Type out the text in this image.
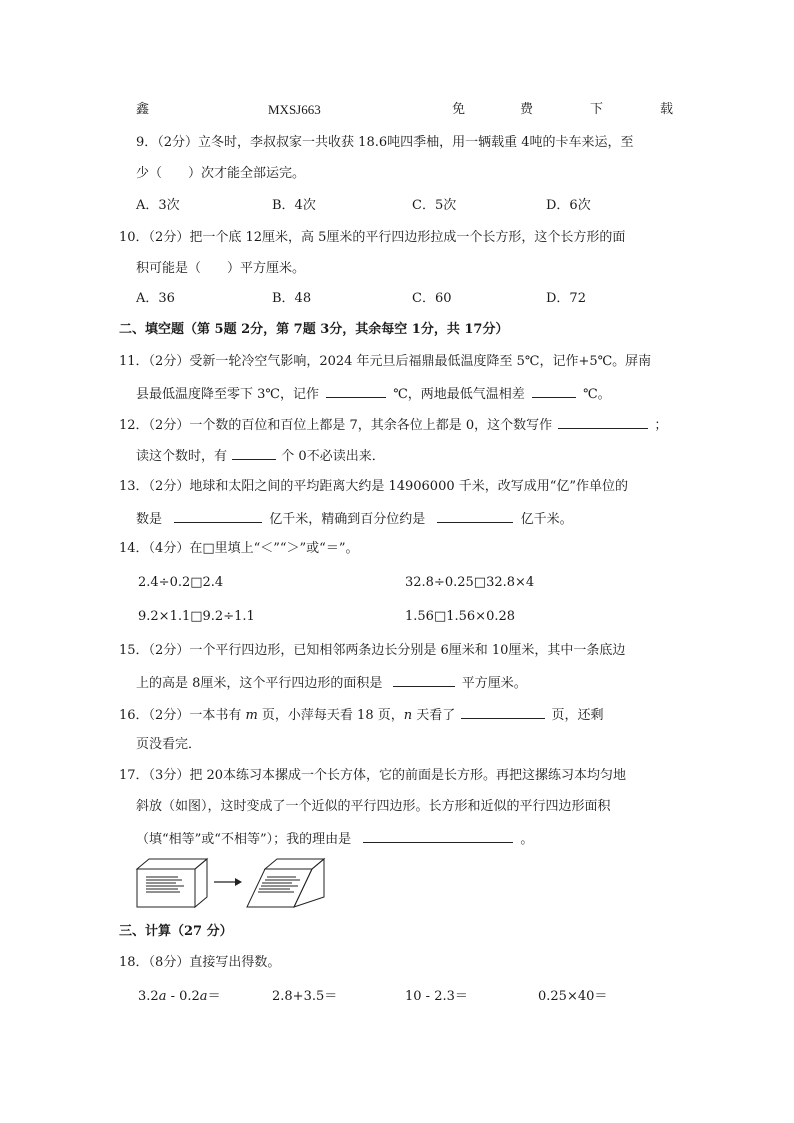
鑫	MXSJ663	免	费	下	载
9．（2分）立冬时，李叔叔家一共收获 18.6吨四季柚，用一辆载重 4吨的卡车来运，至
少（　　）次才能全部运完。
A．3次	B．4次	C．5次	D．6次
10．（2分）把一个底 12厘米，高 5厘米的平行四边形拉成一个长方形，这个长方形的面
积可能是（　　）平方厘米。
A．36	B．48	C．60	D．72
二、填空题（第 5题 2分，第 7题 3分，其余每空 1分，共 17分）
11．（2分）受新一轮冷空气影响，2024 年元旦后福鼎最低温度降至 5℃，记作+5℃。屏南
县最低温度降至零下 3℃，记作	℃，两地最低气温相差	℃。
12．（2分）一个数的百位和百位上都是 7，其余各位上都是 0，这个数写作	；
读这个数时，有	个 0不必读出来．
13．（2分）地球和太阳之间的平均距离大约是 14906000 千米，改写成用“亿”作单位的
数是	亿千米，精确到百分位约是	亿千米。
14．（4分）在□里填上“＜”“＞”或“＝”。
2.4÷0.2□2.4	32.8÷0.25□32.8×4
9.2×1.1□9.2÷1.1	1.56□1.56×0.28
15．（2分）一个平行四边形，已知相邻两条边长分别是 6厘米和 10厘米，其中一条底边
上的高是 8厘米，这个平行四边形的面积是	平方厘米。
16．（2分）一本书有 m 页，小萍每天看 18 页，n 天看了	页，还剩
页没看完．
17．（3分）把 20本练习本摞成一个长方体，它的前面是长方形。再把这摞练习本均匀地
斜放（如图），这时变成了一个近似的平行四边形。长方形和近似的平行四边形面积
（填“相等”或“不相等”）；我的理由是	。
三、计算（27 分）
18．（8分）直接写出得数。
3.2a - 0.2a＝	2.8+3.5＝	10 - 2.3＝	0.25×40＝
